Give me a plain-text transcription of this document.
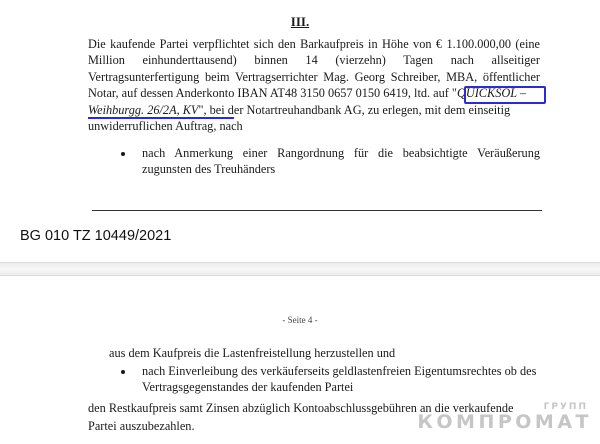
III.
Die kaufende Partei verpflichtet sich den Barkaufpreis in Höhe von € 1.100.000,00 (eine
Million einhunderttausend) binnen 14 (vierzehn) Tagen nach allseitiger
Vertragsunterfertigung beim Vertragserrichter Mag. Georg Schreiber, MBA, öffentlicher
Notar, auf dessen Anderkonto IBAN AT48 3150 0657 0150 6419, ltd. auf "QUICKSOL –
Weihburgg. 26/2A, KV", bei der Notartreuhandbank AG, zu erlegen, mit dem einseitig
unwiderruflichen Auftrag, nach
nach Anmerkung einer Rangordnung für die beabsichtigte Veräußerung
zugunsten des Treuhänders
BG 010 TZ 10449/2021
- Seite 4 -
aus dem Kaufpreis die Lastenfreistellung herzustellen und
nach Einverleibung des verkäuferseits geldlastenfreien Eigentumsrechtes ob des
Vertragsgegenstandes der kaufenden Partei
den Restkaufpreis samt Zinsen abzüglich Kontoabschlussgebühren an die verkaufende
Partei auszubezahlen.
ГРУПП
КОМПРОМАТ
